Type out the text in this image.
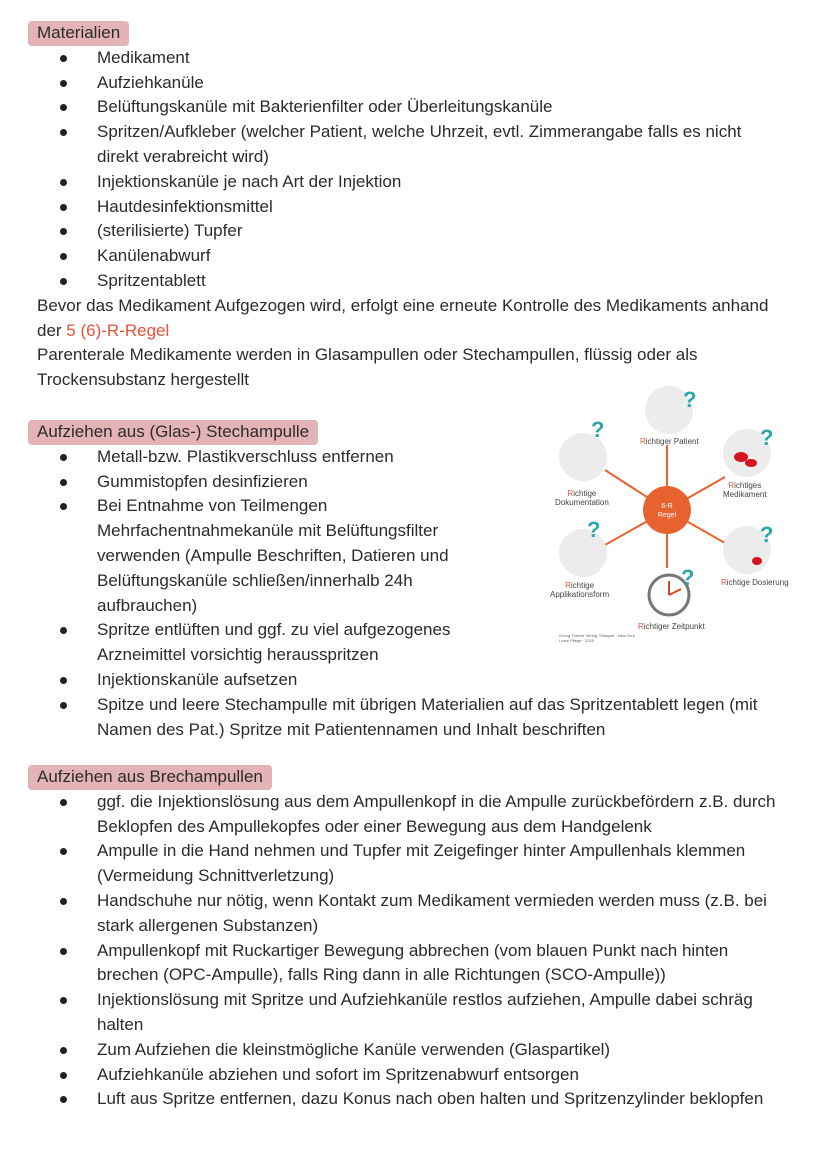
Materialien
Medikament
Aufziehkanüle
Belüftungskanüle mit Bakterienfilter oder Überleitungskanüle
Spritzen/Aufkleber (welcher Patient, welche Uhrzeit, evtl. Zimmerangabe falls es nicht direkt verabreicht wird)
Injektionskanüle je nach Art der Injektion
Hautdesinfektionsmittel
(sterilisierte) Tupfer
Kanülenabwurf
Spritzentablett

Bevor das Medikament Aufgezogen wird, erfolgt eine erneute Kontrolle des Medikaments anhand der 5 (6)-R-Regel

Parenterale Medikamente werden in Glasampullen oder Stechampullen, flüssig oder als Trockensubstanz hergestellt

Aufziehen aus (Glas-) Stechampulle
Metall-bzw. Plastikverschluss entfernen
Gummistopfen desinfizieren
Bei Entnahme von Teilmengen Mehrfachentnahmekanüle mit Belüftungsfilter verwenden (Ampulle Beschriften, Datieren und Belüftungskanüle schließen/innerhalb 24h aufbrauchen)
Spritze entlüften und ggf. zu viel aufgezogenes Arzneimittel vorsichtig herausspritzen
Injektionskanüle aufsetzen
Spitze und leere Stechampulle mit übrigen Materialien auf das Spritzentablett legen (mit Namen des Pat.) Spritze mit Patientennamen und Inhalt beschriften
Aufziehen aus Brechampullen
ggf. die Injektionslösung aus dem Ampullenkopf in die Ampulle zurückbefördern z.B. durch Beklopfen des Ampullekopfes oder einer Bewegung aus dem Handgelenk
Ampulle in die Hand nehmen und Tupfer mit Zeigefinger hinter Ampullenhals klemmen (Vermeidung Schnittverletzung)
Handschuhe nur nötig, wenn Kontakt zum Medikament vermieden werden muss (z.B. bei stark allergenen Substanzen)
Ampullenkopf mit Ruckartiger Bewegung abbrechen (vom blauen Punkt nach hinten brechen (OPC-Ampulle), falls Ring dann in alle Richtungen (SCO-Ampulle))
Injektionslösung mit Spritze und Aufziehkanüle restlos aufziehen, Ampulle dabei schräg halten
Zum Aufziehen die kleinstmögliche Kanüle verwenden (Glaspartikel)
Aufziehkanüle abziehen und sofort im Spritzenabwurf entsorgen
Luft aus Spritze entfernen, dazu Konus nach oben halten und Spritzenzylinder beklopfen
6-R
Regel
?
?
?
?
?
?
Richtiger Patient
Richtiges
Medikament
Richtige Dosierung
Richtiger Zeitpunkt
Richtige
Applikationsform
Richtige
Dokumentation
Georg Thieme Verlag, Stuttgart · New York
I care Pflege · 2015
